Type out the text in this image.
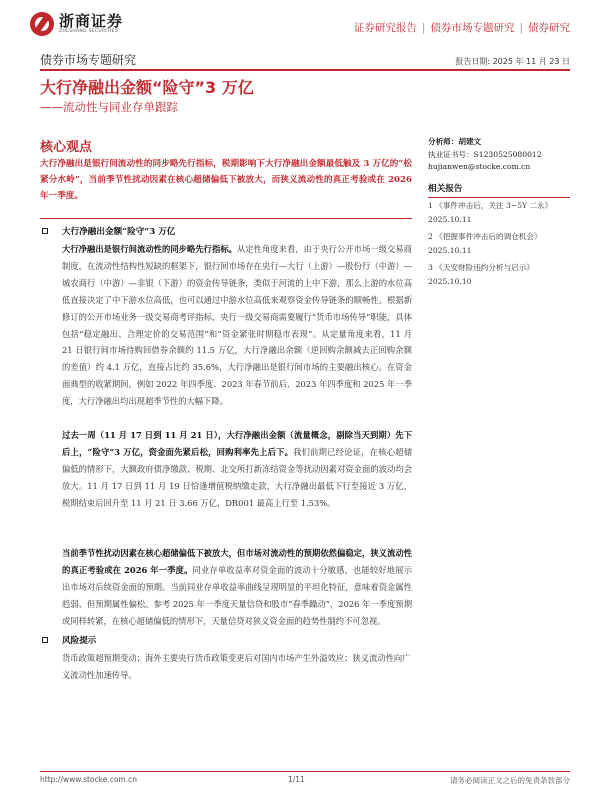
浙商证券
ZHESHANG SECURITIES	证券研究报告 | 债券市场专题研究 | 债券研究
债券市场专题研究	报告日期: 2025 年 11 月 23 日
大行净融出金额“险守”3 万亿
——流动性与同业存单跟踪
核心观点
大行净融出是银行间流动性的同步略先行指标，税期影响下大行净融出金额最低触及 3 万亿的“松紧分水岭”，当前季节性扰动因素在核心超储偏低下被放大，而狭义流动性的真正考验或在 2026 年一季度。
大行净融出金额“险守”3 万亿
大行净融出是银行间流动性的同步略先行指标。从定性角度来看，由于央行公开市场一级交易商制度，在流动性结构性短缺的框架下，银行间市场存在央行—大行（上游）—股份行（中游）—城农商行（中游）—非银（下游）的资金传导链条，类似于河流的上中下游，那么上游的水位高低直接决定了中下游水位高低，也可以通过中游水位高低来观察资金传导链条的顺畅性。根据新修订的公开市场业务一级交易商考评指标，央行一级交易商需要履行“货币市场传导”职能，具体包括“稳定融出、合理定价的交易范围”和“资金紧张时期稳市表现”。从定量角度来看，11 月 21 日银行间市场待购回借券余额约 11.5 万亿，大行净融出余额（逆回购余额减去正回购余额的差值）约 4.1 万亿，直接占比约 35.6%，大行净融出是银行间市场的主要融出核心。在资金面典型的收紧期间，例如 2022 年四季度、2023 年春节前后、2023 年四季度和 2025 年一季度，大行净融出均出现超季节性的大幅下降。
过去一周（11 月 17 日到 11 月 21 日），大行净融出金额（流量概念，剔除当天到期）先下后上，“险守”3 万亿，资金面先紧后松，回购利率先上后下。我们前期已经论证，在核心超储偏低的情形下，大额政府债净缴款、税期、北交所打新冻结资金等扰动因素对资金面的波动均会放大。11 月 17 日到 11 月 19 日恰逢增值税纳缴走款，大行净融出最低下行至接近 3 万亿，税期结束后回升至 11 月 21 日 3.66 万亿，DR001 最高上行至 1.53%。
当前季节性扰动因素在核心超储偏低下被放大，但市场对流动性的预期依然偏稳定，狭义流动性的真正考验或在 2026 年一季度。同业存单收益率对资金面的波动十分敏感，也能较好地展示出市场对后续资金面的预期。当前同业存单收益率曲线呈现明显的平坦化特征，意味着资金属性趋弱、但预期属性偏松。参考 2025 年一季度天量信贷和股市“春季躁动”，2026 年一季度预期或同样转紧，在核心超储偏低的情形下，天量信贷对狭义资金面的趋势性制约不可忽视。
风险提示
货币政策超预期变动；海外主要央行货币政策变更后对国内市场产生外溢效应；狭义流动性向广义流动性加速传导。
分析师：胡建文
执业证书号：S1230525080012
hujianwen@stocke.com.cn
相关报告
1 《事件冲击后，关注 3~5Y 二永》 2025.10.11
2 《把握事件冲击后的调仓机会》 2025.10.11
3 《天安财险违约分析与启示》 2025.10.10
http://www.stocke.com.cn	1/11	请务必阅读正文之后的免责条款部分
